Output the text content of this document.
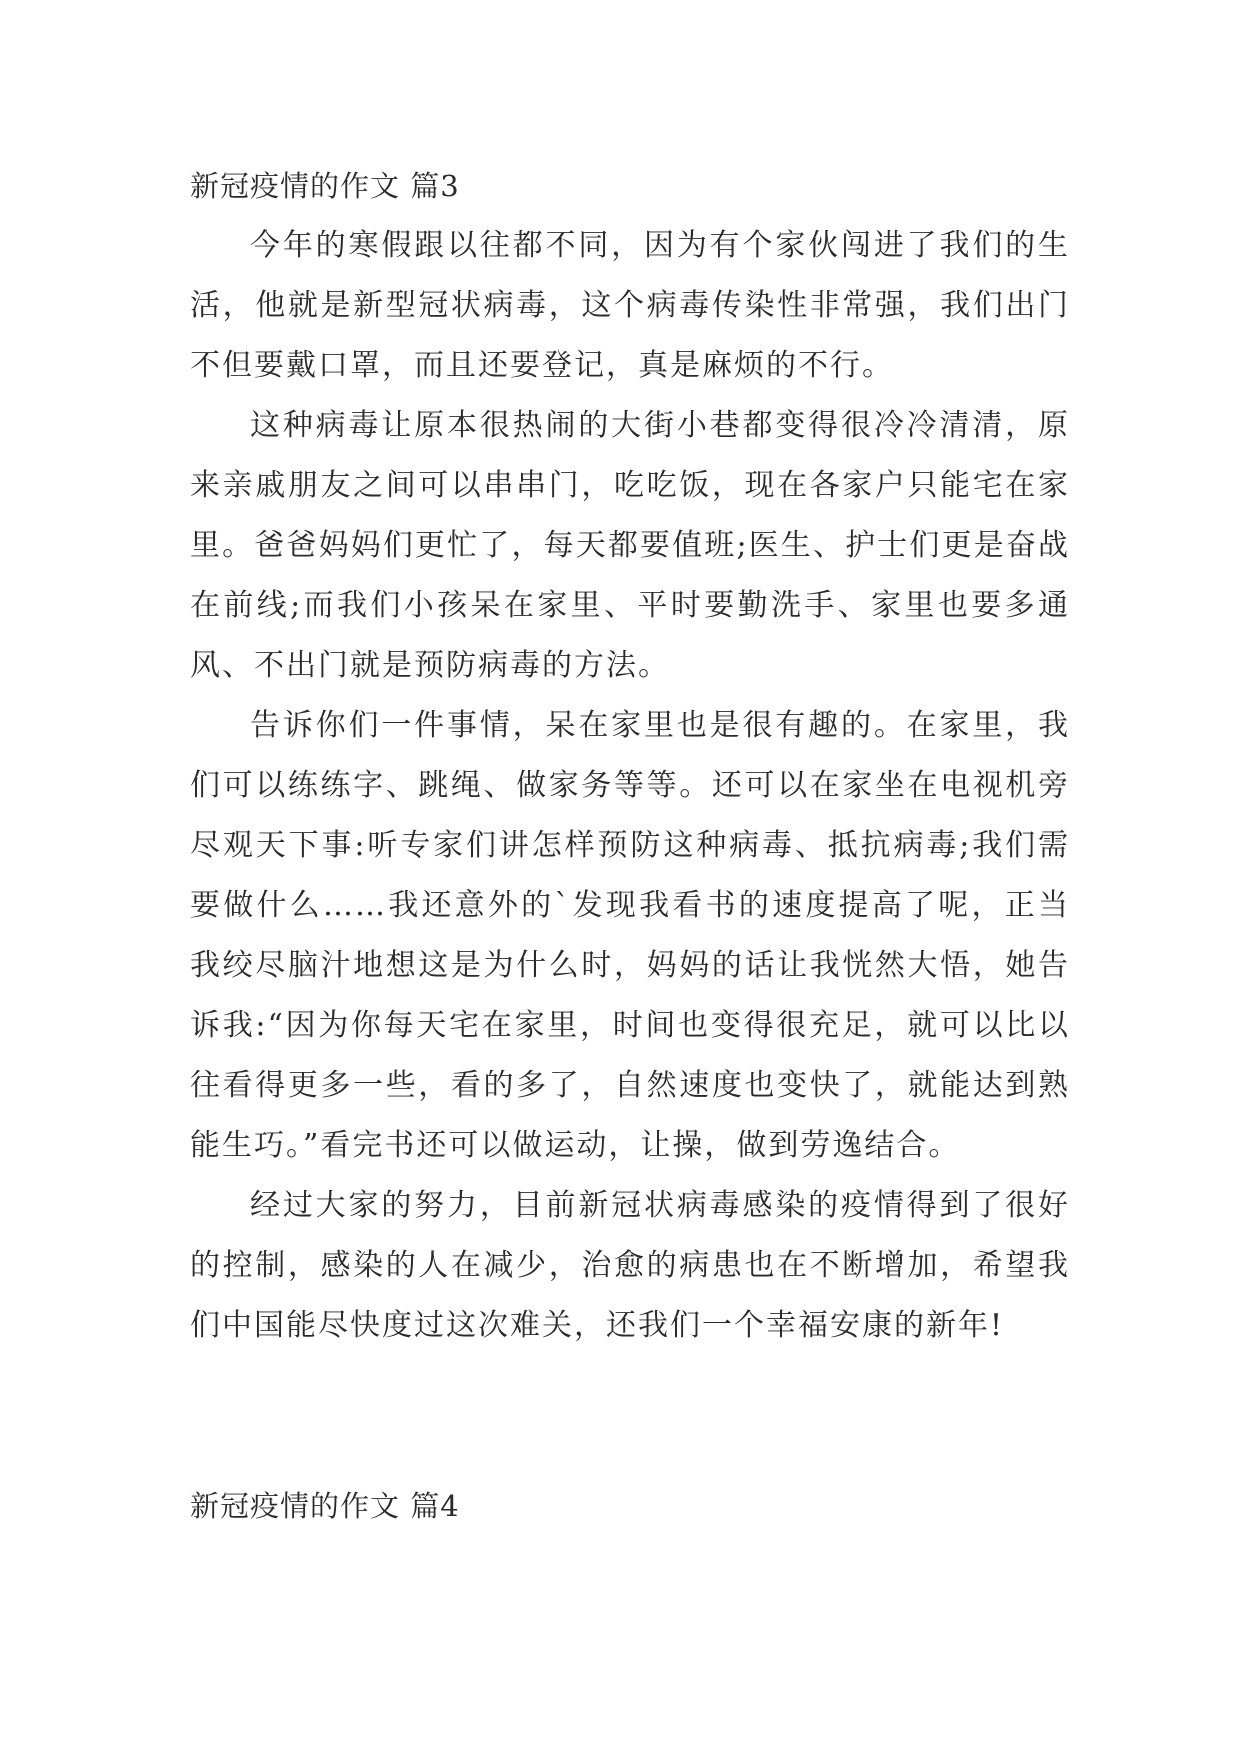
新冠疫情的作文 篇3

今年的寒假跟以往都不同，因为有个家伙闯进了我们的生活，他就是新型冠状病毒，这个病毒传染性非常强，我们出门不但要戴口罩，而且还要登记，真是麻烦的不行。

这种病毒让原本很热闹的大街小巷都变得很冷冷清清，原来亲戚朋友之间可以串串门，吃吃饭，现在各家户只能宅在家里。爸爸妈妈们更忙了，每天都要值班;医生、护士们更是奋战在前线;而我们小孩呆在家里、平时要勤洗手、家里也要多通风、不出门就是预防病毒的方法。

告诉你们一件事情，呆在家里也是很有趣的。在家里，我们可以练练字、跳绳、做家务等等。还可以在家坐在电视机旁尽观天下事:听专家们讲怎样预防这种病毒、抵抗病毒;我们需要做什么……我还意外的`发现我看书的速度提高了呢，正当我绞尽脑汁地想这是为什么时，妈妈的话让我恍然大悟，她告诉我:“因为你每天宅在家里，时间也变得很充足，就可以比以往看得更多一些，看的多了，自然速度也变快了，就能达到熟能生巧。”看完书还可以做运动，让操，做到劳逸结合。

经过大家的努力，目前新冠状病毒感染的疫情得到了很好的控制，感染的人在减少，治愈的病患也在不断增加，希望我们中国能尽快度过这次难关，还我们一个幸福安康的新年!

新冠疫情的作文 篇4
